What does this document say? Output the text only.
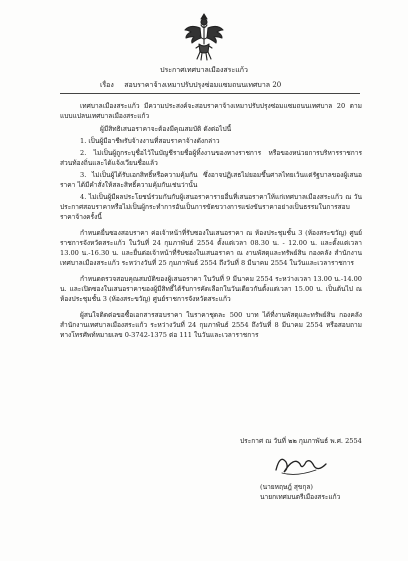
ประกาศเทศบาลเมืองสระแก้ว
เรื่อง สอบราคาจ้างเหมาปรับปรุงซ่อมแซมถนนเทศบาล 20

เทศบาลเมืองสระแก้ว มีความประสงค์จะสอบราคาจ้างเหมาปรับปรุงซ่อมแซมถนนเทศบาล 20 ตามแบบแปลนเทศบาลเมืองสระแก้ว

ผู้มีสิทธิเสนอราคาจะต้องมีคุณสมบัติ ดังต่อไปนี้

1. เป็นผู้มีอาชีพรับจ้างงานที่สอบราคาจ้างดังกล่าว

2. ไม่เป็นผู้ถูกระบุชื่อไว้ในบัญชีรายชื่อผู้ทิ้งงานของทางราชการ หรือของหน่วยการบริหารราชการส่วนท้องถิ่นและได้แจ้งเวียนชื่อแล้ว

3. ไม่เป็นผู้ได้รับเอกสิทธิ์หรือความคุ้มกัน ซึ่งอาจปฏิเสธไม่ยอมขึ้นศาลไทยเว้นแต่รัฐบาลของผู้เสนอราคา ได้มีคำสั่งให้สละสิทธิ์ความคุ้มกันเช่นว่านั้น

4. ไม่เป็นผู้มีผลประโยชน์ร่วมกันกับผู้เสนอราคารายอื่นที่เสนอราคาให้แก่เทศบาลเมืองสระแก้ว ณ วันประกาศสอบราคาหรือไม่เป็นผู้กระทำการอันเป็นการขัดขวางการแข่งขันราคาอย่างเป็นธรรมในการสอบราคาจ้างครั้งนี้

กำหนดยื่นซองสอบราคา ค่อเจ้าหน้าที่รับซองในเสนอราคา ณ ห้องประชุมชั้น 3 (ห้องสระขวัญ) ศูนย์ราชการจังหวัดสระแก้ว ในวันที่ 24 กุมภาพันธ์ 2554 ตั้งแต่เวลา 08.30 น. - 12.00 น. และตั้งแต่เวลา 13.00 น.-16.30 น. และยื่นต่อเจ้าหน้าที่รับซองในเสนอราคา ณ งานพัสดุและทรัพย์สิน กองคลัง สำนักงานเทศบาลเมืองสระแก้ว ระหว่างวันที่ 25 กุมภาพันธ์ 2554 ถึงวันที่ 8 มีนาคม 2554 ในวันและเวลาราชการ

กำหนดตรวจสอบคุณสมบัติของผู้เสนอราคา ในวันที่ 9 มีนาคม 2554 ระหว่างเวลา 13.00 น.-14.00 น. และเปิดซองในเสนอราคาของผู้มีสิทธิ์ได้รับการคัดเลือกในวันเดียวกันตั้งแต่เวลา 15.00 น. เป็นต้นไป ณ ห้องประชุมชั้น 3 (ห้องสระขวัญ) ศูนย์ราชการจังหวัดสระแก้ว

ผู้สนใจติดต่อขอซื้อเอกสารสอบราคา ในราคาชุดละ 500 บาท ได้ที่งานพัสดุและทรัพย์สิน กองคลัง สำนักงานเทศบาลเมืองสระแก้ว ระหว่างวันที่ 24 กุมภาพันธ์ 2554 ถึงวันที่ 8 มีนาคม 2554 หรือสอบถามทางโทรศัพท์หมายเลข 0-3742-1375 ต่อ 111 ในวันและเวลาราชการ

ประกาศ ณ วันที่ ๒๒ กุมภาพันธ์ พ.ศ. 2554
(นายหฤษฎ์ สุขกุล)
นายกเทศมนตรีเมืองสระแก้ว
